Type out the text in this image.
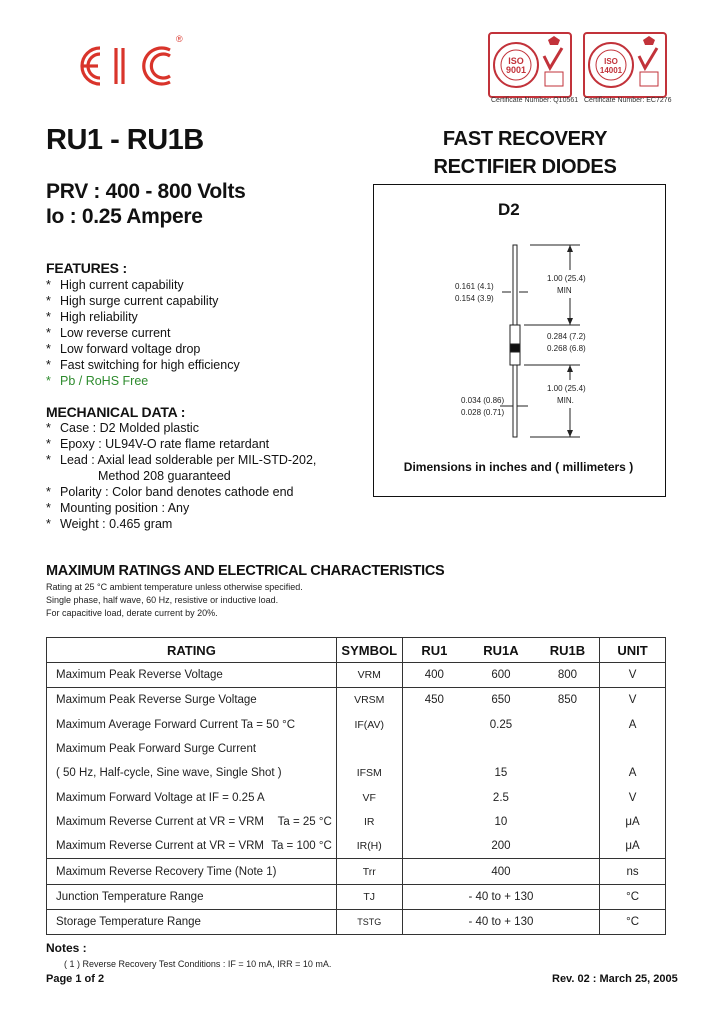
®
ISO 9001
Certificate Number: Q10561
ISO 14001
Certificate Number: EC7276
RU1 - RU1B	FAST RECOVERY
RECTIFIER DIODES
PRV : 400 - 800 Volts
Io : 0.25 Ampere
FEATURES :
* High current capability
* High surge current capability
* High reliability
* Low reverse current
* Low forward voltage drop
* Fast switching for high efficiency
* Pb / RoHS Free
MECHANICAL DATA :
* Case : D2 Molded plastic
* Epoxy : UL94V-O rate flame retardant
* Lead : Axial lead solderable per MIL-STD-202,
Method 208 guaranteed
* Polarity : Color band denotes cathode end
* Mounting position : Any
* Weight : 0.465 gram
D2
0.161 (4.1)
0.154 (3.9)
1.00 (25.4)
MIN
0.284 (7.2)
0.268 (6.8)
0.034 (0.86)
0.028 (0.71)
1.00 (25.4)
MIN.
Dimensions in inches and ( millimeters )
MAXIMUM RATINGS AND ELECTRICAL CHARACTERISTICS
Rating at 25 °C ambient temperature unless otherwise specified.
Single phase, half wave, 60 Hz, resistive or inductive load.
For capacitive load, derate current by 20%.
RATING	SYMBOL	RU1	RU1A	RU1B	UNIT
Maximum Peak Reverse Voltage	VRM	400	600	800	V
Maximum Peak Reverse Surge Voltage	VRSM	450	650	850	V
Maximum Average Forward Current Ta = 50 °C	IF(AV)	0.25			A
Maximum Peak Forward Surge Current					
( 50 Hz, Half-cycle, Sine wave, Single Shot )	IFSM	15			A
Maximum Forward Voltage at IF = 0.25 A	VF	2.5			V
Maximum Reverse Current at VR = VRM Ta = 25 °C	IR	10			μA
Maximum Reverse Current at VR = VRM Ta = 100 °C	IR(H)	200			μA
Maximum Reverse Recovery Time (Note 1)	Trr	400			ns
Junction Temperature Range	TJ	- 40 to + 130			°C
Storage Temperature Range	TSTG	- 40 to + 130			°C
Notes :
( 1 ) Reverse Recovery Test Conditions : IF = 10 mA, IRR = 10 mA.
Page 1 of 2	Rev. 02 : March 25, 2005
